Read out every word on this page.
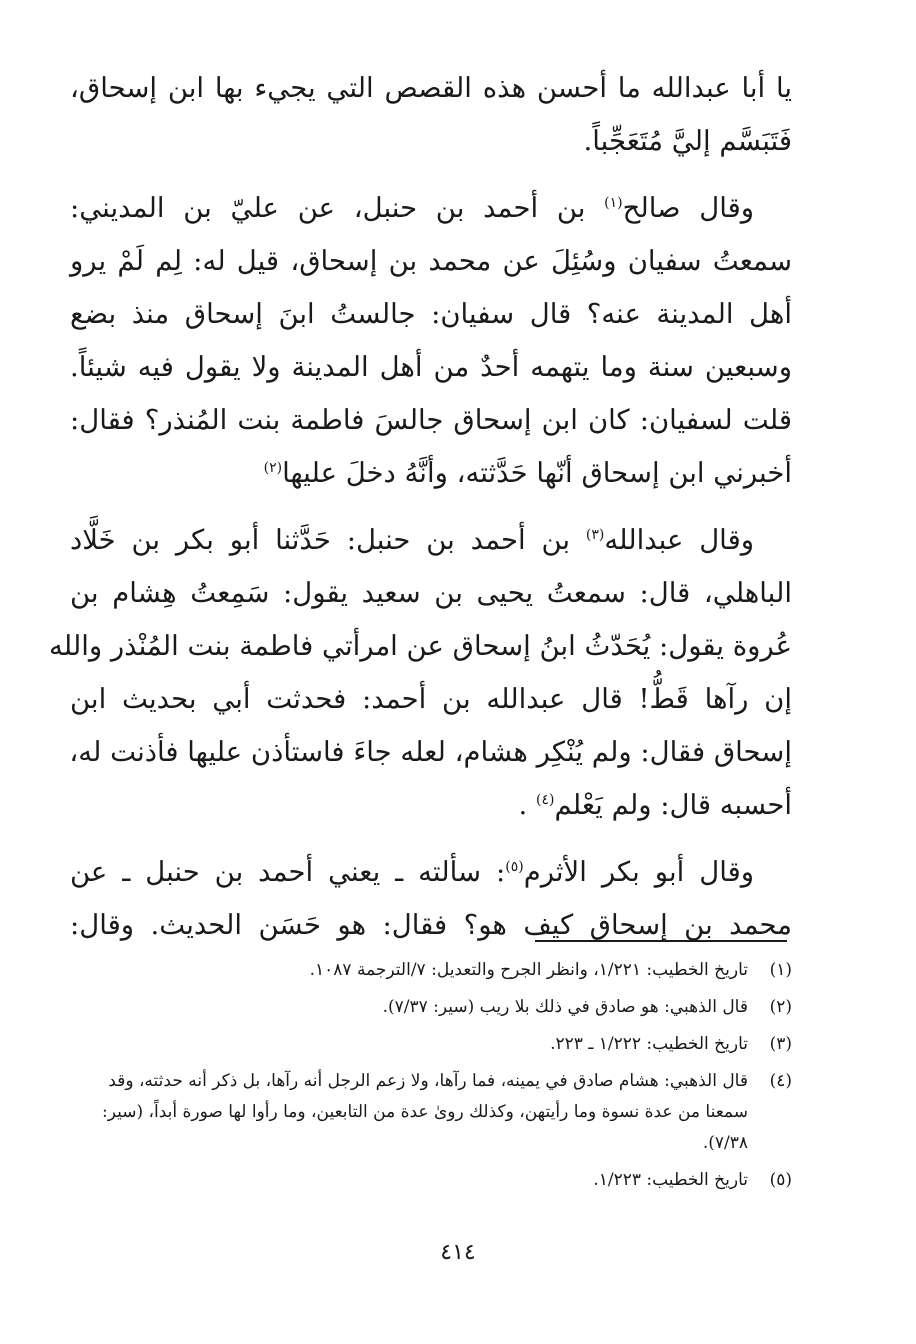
يا أبا عبدالله ما أحسن هذه القصص التي يجيء بها ابن إسحاق،
فَتَبَسَّم إليَّ مُتَعَجِّباً.
وقال صالح$^{(١)}$ بن أحمد بن حنبل، عن عليّ بن المديني:
سمعتُ سفيان وسُئِلَ عن محمد بن إسحاق، قيل له: لِم لَمْ يرو
أهل المدينة عنه؟ قال سفيان: جالستُ ابنَ إسحاق منذ بضع
وسبعين سنة وما يتهمه أحدٌ من أهل المدينة ولا يقول فيه شيئاً.
قلت لسفيان: كان ابن إسحاق جالسَ فاطمة بنت المُنذر؟ فقال:
أخبرني ابن إسحاق أنّها حَدَّثته، وأنَّهُ دخلَ عليها$^{(٢)}$
وقال عبدالله$^{(٣)}$ بن أحمد بن حنبل: حَدَّثنا أبو بكر بن خَلَّاد
الباهلي، قال: سمعتُ يحيى بن سعيد يقول: سَمِعتُ هِشام بن
عُروة يقول: يُحَدّثُ ابنُ إسحاق عن امرأتي فاطمة بنت المُنْذر والله
إن رآها قَطُّ! قال عبدالله بن أحمد: فحدثت أبي بحديث ابن
إسحاق فقال: ولم يُنْكِر هشام، لعله جاءَ فاستأذن عليها فأذنت له،
أحسبه قال: ولم يَعْلم$^{(٤)}$ .
وقال أبو بكر الأثرم$^{(٥)}$: سألته ـ يعني أحمد بن حنبل ـ عن
محمد بن إسحاق كيف هو؟ فقال: هو حَسَن الحديث. وقال:
(١)
تاريخ الخطيب: ١/٢٢١، وانظر الجرح والتعديل: ٧/الترجمة ١٠٨٧.
(٢)
قال الذهبي: هو صادق في ذلك بلا ريب (سير: ٧/٣٧).
(٣)
تاريخ الخطيب: ١/٢٢٢ ـ ٢٢٣.
(٤)
قال الذهبي: هشام صادق في يمينه، فما رآها، ولا زعم الرجل أنه رآها، بل ذكر أنه حدثته، وقد سمعنا من عدة نسوة وما رأيتهن، وكذلك روىٰ عدة من التابعين، وما رأوا لها صورة أبداً، (سير: ٧/٣٨).
(٥)
تاريخ الخطيب: ١/٢٢٣.
٤١٤
